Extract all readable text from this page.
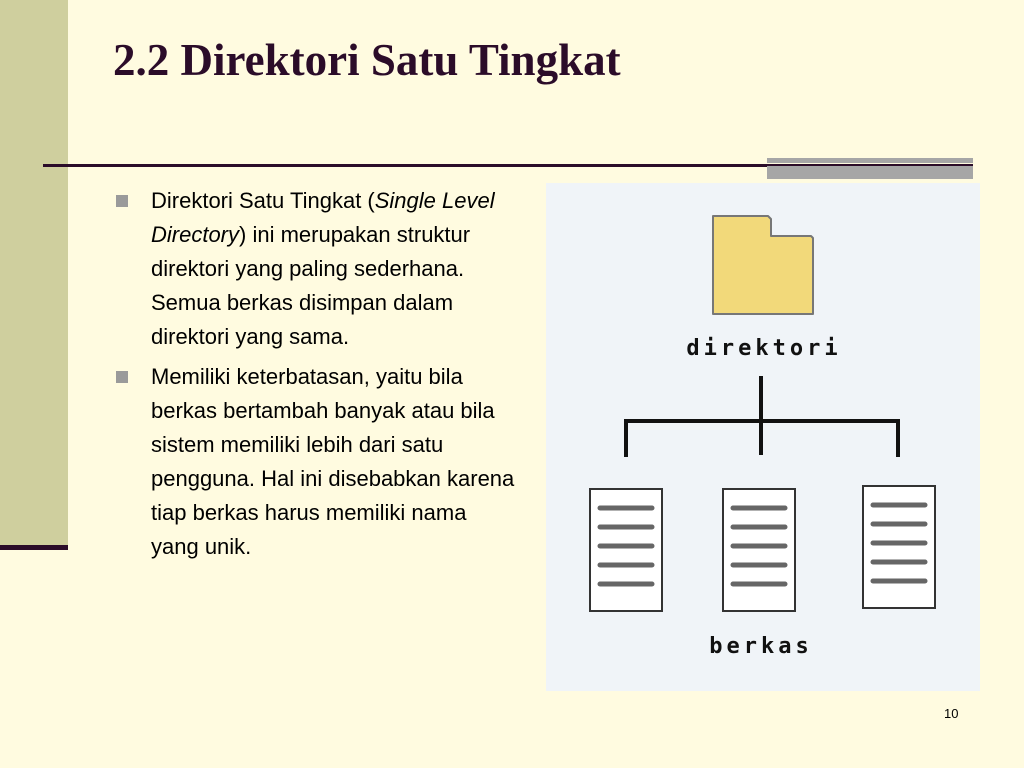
2.2 Direktori Satu Tingkat
Direktori Satu Tingkat (Single Level Directory) ini merupakan struktur direktori yang paling sederhana. Semua berkas disimpan dalam direktori yang sama.
Memiliki keterbatasan, yaitu bila berkas bertambah banyak atau bila sistem memiliki lebih dari satu pengguna. Hal ini disebabkan karena tiap berkas harus memiliki nama yang unik.
direktori
berkas
10
